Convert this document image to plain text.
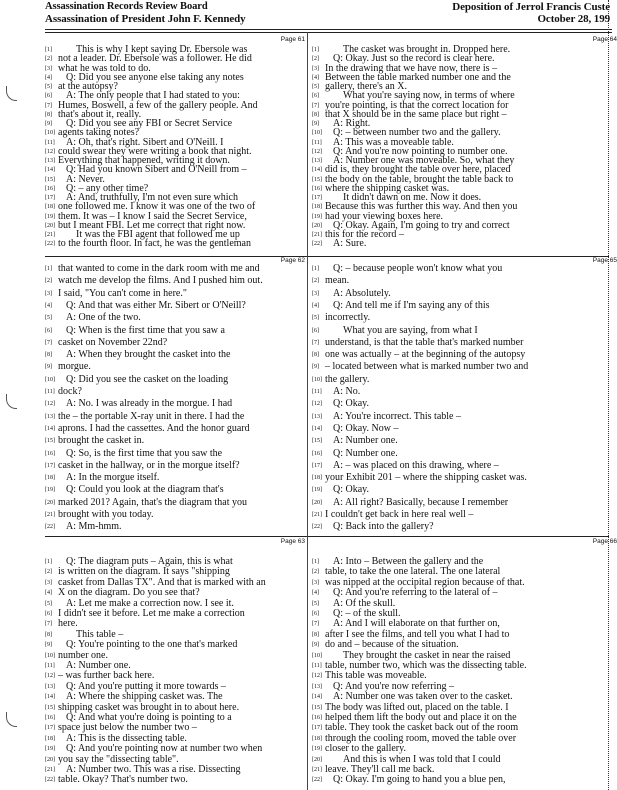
Assassination Records Review Board
Assassination of President John F. Kennedy
Deposition of Jerrol Francis Custe
October 28, 199
Page 61
[1] This is why I kept saying Dr. Ebersole was
[2] not a leader. Dr. Ebersole was a follower. He did
[3] what he was told to do.
[4] Q: Did you see anyone else taking any notes
[5] at the autopsy?
[6] A: The only people that I had stated to you:
[7] Humes, Boswell, a few of the gallery people. And
[8] that's about it, really.
[9] Q: Did you see any FBI or Secret Service
[10] agents taking notes?
[11] A: Oh, that's right. Sibert and O'Neill. I
[12] could swear they were writing a book that night.
[13] Everything that happened, writing it down.
[14] Q: Had you known Sibert and O'Neill from –
[15] A: Never.
[16] Q: – any other time?
[17] A: And, truthfully, I'm not even sure which
[18] one followed me. I know it was one of the two of
[19] them. It was – I know I said the Secret Service,
[20] but I meant FBI. Let me correct that right now.
[21] It was the FBI agent that followed me up
[22] to the fourth floor. In fact, he was the gentleman
Page 62
[1] that wanted to come in the dark room with me and
[2] watch me develop the films. And I pushed him out.
[3] I said, "You can't come in here."
[4] Q: And that was either Mr. Sibert or O'Neill?
[5] A: One of the two.
[6] Q: When is the first time that you saw a
[7] casket on November 22nd?
[8] A: When they brought the casket into the
[9] morgue.
[10] Q: Did you see the casket on the loading
[11] dock?
[12] A: No. I was already in the morgue. I had
[13] the – the portable X-ray unit in there. I had the
[14] aprons. I had the cassettes. And the honor guard
[15] brought the casket in.
[16] Q: So, is the first time that you saw the
[17] casket in the hallway, or in the morgue itself?
[18] A: In the morgue itself.
[19] Q: Could you look at the diagram that's
[20] marked 201? Again, that's the diagram that you
[21] brought with you today.
[22] A: Mm-hmm.
Page 63
[1] Q: The diagram puts – Again, this is what
[2] is written on the diagram. It says "shipping
[3] casket from Dallas TX". And that is marked with an
[4] X on the diagram. Do you see that?
[5] A: Let me make a correction now. I see it.
[6] I didn't see it before. Let me make a correction
[7] here.
[8] This table –
[9] Q: You're pointing to the one that's marked
[10] number one.
[11] A: Number one.
[12] – was further back here.
[13] Q: And you're putting it more towards –
[14] A: Where the shipping casket was. The
[15] shipping casket was brought in to about here.
[16] Q: And what you're doing is pointing to a
[17] space just below the number two –
[18] A: This is the dissecting table.
[19] Q: And you're pointing now at number two when
[20] you say the "dissecting table".
[21] A: Number two. This was a rise. Dissecting
[22] table. Okay? That's number two.
Page 64
[1] The casket was brought in. Dropped here.
[2] Q: Okay. Just so the record is clear here.
[3] In the drawing that we have now, there is –
[4] Between the table marked number one and the
[5] gallery, there's an X.
[6] What you're saying now, in terms of where
[7] you're pointing, is that the correct location for
[8] that X should be in the same place but right –
[9] A: Right.
[10] Q: – between number two and the gallery.
[11] A: This was a moveable table.
[12] Q: And you're now pointing to number one.
[13] A: Number one was moveable. So, what they
[14] did is, they brought the table over here, placed
[15] the body on the table, brought the table back to
[16] where the shipping casket was.
[17] It didn't dawn on me. Now it does.
[18] Because this was further this way. And then you
[19] had your viewing boxes here.
[20] Q: Okay. Again, I'm going to try and correct
[21] this for the record –
[22] A: Sure.
Page 65
[1] Q: – because people won't know what you
[2] mean.
[3] A: Absolutely.
[4] Q: And tell me if I'm saying any of this
[5] incorrectly.
[6] What you are saying, from what I
[7] understand, is that the table that's marked number
[8] one was actually – at the beginning of the autopsy
[9] – located between what is marked number two and
[10] the gallery.
[11] A: No.
[12] Q: Okay.
[13] A: You're incorrect. This table –
[14] Q: Okay. Now –
[15] A: Number one.
[16] Q: Number one.
[17] A: – was placed on this drawing, where –
[18] your Exhibit 201 – where the shipping casket was.
[19] Q: Okay.
[20] A: All right? Basically, because I remember
[21] I couldn't get back in here real well –
[22] Q: Back into the gallery?
Page 66
[1] A: Into – Between the gallery and the
[2] table, to take the one lateral. The one lateral
[3] was nipped at the occipital region because of that.
[4] Q: And you're referring to the lateral of –
[5] A: Of the skull.
[6] Q: – of the skull.
[7] A: And I will elaborate on that further on,
[8] after I see the films, and tell you what I had to
[9] do and – because of the situation.
[10] They brought the casket in near the raised
[11] table, number two, which was the dissecting table.
[12] This table was moveable.
[13] Q: And you're now referring –
[14] A: Number one was taken over to the casket.
[15] The body was lifted out, placed on the table. I
[16] helped them lift the body out and place it on the
[17] table. They took the casket back out of the room
[18] through the cooling room, moved the table over
[19] closer to the gallery.
[20] And this is when I was told that I could
[21] leave. They'll call me back.
[22] Q: Okay. I'm going to hand you a blue pen,
